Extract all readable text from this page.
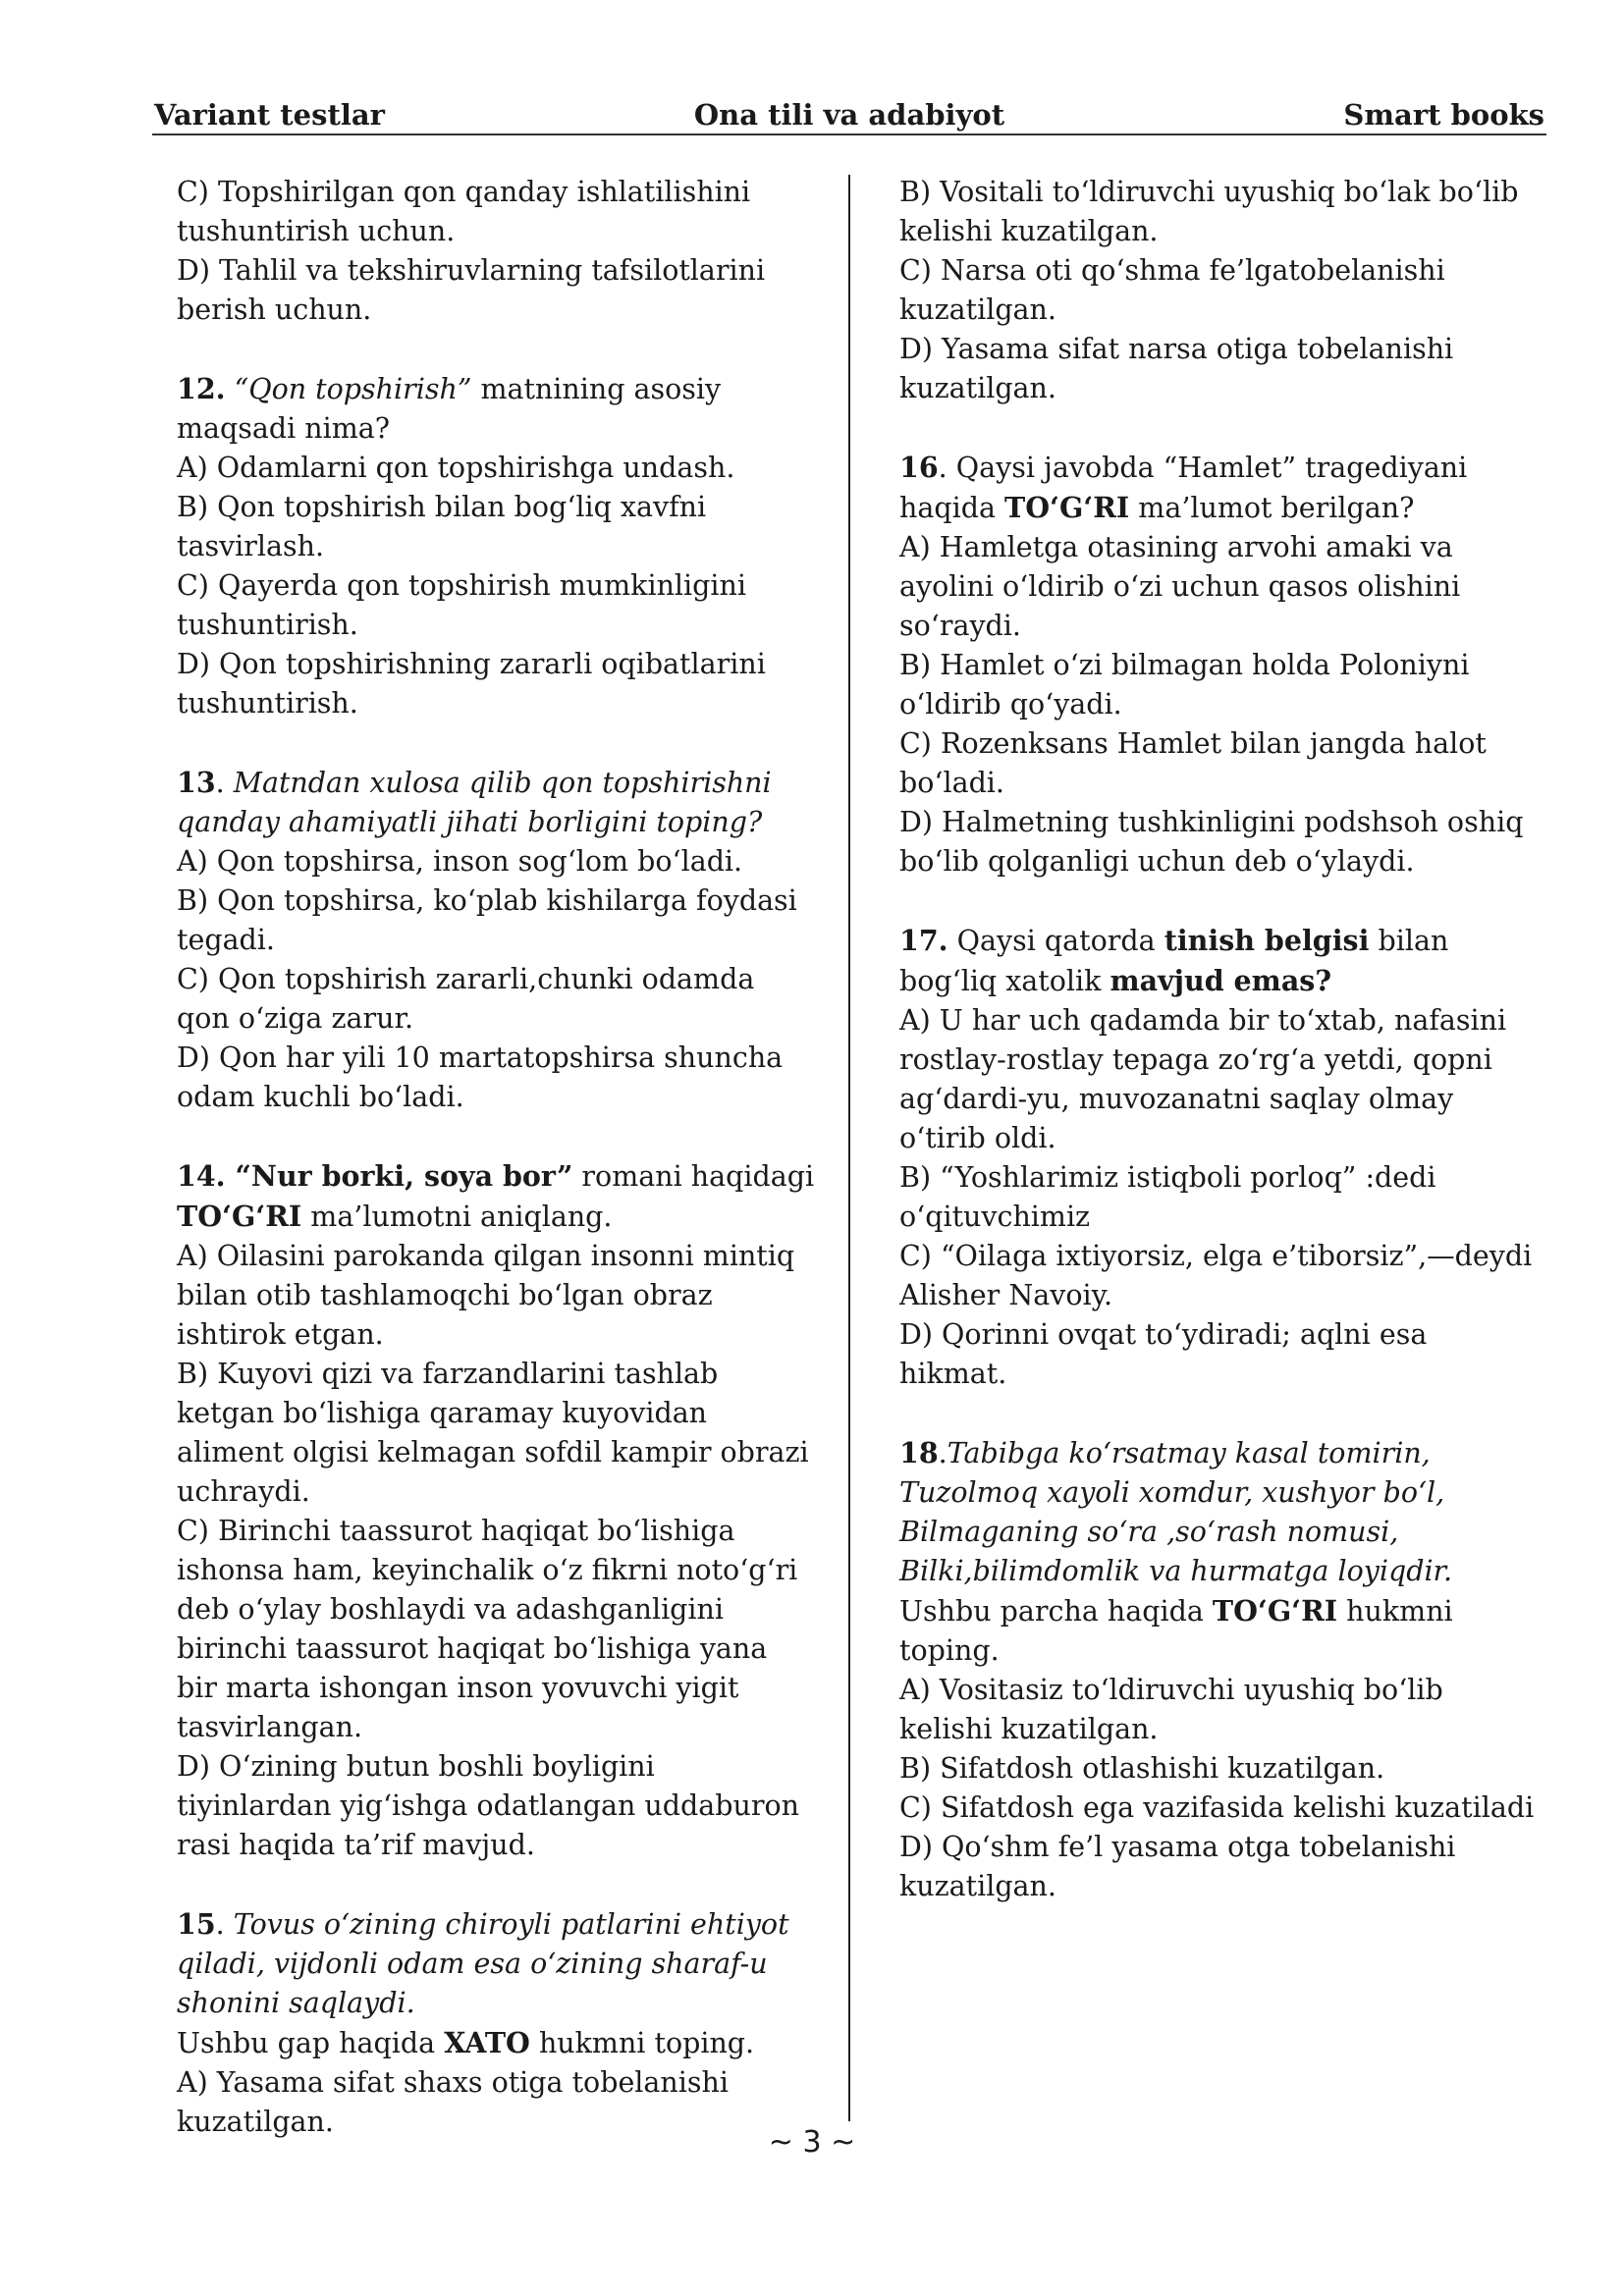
Ona tili va adabiyot
Variant testlar	Smart books

C) Topshirilgan qon qanday ishlatilishini tushuntirish uchun.

D) Tahlil va tekshiruvlarning tafsilotlarini berish uchun.

12. “Qon topshirish” matnining asosiy maqsadi nima?

A) Odamlarni qon topshirishga undash.

B) Qon topshirish bilan bog‘liq xavfni tasvirlash.

C) Qayerda qon topshirish mumkinligini tushuntirish.

D) Qon topshirishning zararli oqibatlarini tushuntirish.

13. Matndan xulosa qilib qon topshirishni qanday ahamiyatli jihati borligini toping?

A) Qon topshirsa, inson sog‘lom bo‘ladi.

B) Qon topshirsa, ko‘plab kishilarga foydasi tegadi.

C) Qon topshirish zararli,chunki odamda qon o‘ziga zarur.

D) Qon har yili 10 martatopshirsa shuncha odam kuchli bo‘ladi.

14. “Nur borki, soya bor” romani haqidagi TO‘G‘RI ma’lumotni aniqlang.

A) Oilasini parokanda qilgan insonni mintiq bilan otib tashlamoqchi bo‘lgan obraz ishtirok etgan.

B) Kuyovi qizi va farzandlarini tashlab ketgan bo‘lishiga qaramay kuyovidan aliment olgisi kelmagan sofdil kampir obrazi uchraydi.

C) Birinchi taassurot haqiqat bo‘lishiga ishonsa ham, keyinchalik o‘z fikrni noto‘g‘ri deb o‘ylay boshlaydi va adashganligini birinchi taassurot haqiqat bo‘lishiga yana bir marta ishongan inson yovuvchi yigit tasvirlangan.

D) O‘zining butun boshli boyligini tiyinlardan yig‘ishga odatlangan uddaburon rasi haqida ta’rif mavjud.

15. Tovus o‘zining chiroyli patlarini ehtiyot qiladi, vijdonli odam esa o‘zining sharaf-u shonini saqlaydi.

Ushbu gap haqida XATO hukmni toping.

A) Yasama sifat shaxs otiga tobelanishi kuzatilgan.

B) Vositali to‘ldiruvchi uyushiq bo‘lak bo‘lib kelishi kuzatilgan.

C) Narsa oti qo‘shma fe’lgatobelanishi kuzatilgan.

D) Yasama sifat narsa otiga tobelanishi kuzatilgan.

16. Qaysi javobda “Hamlet” tragediyani haqida TO‘G‘RI ma’lumot berilgan?

A) Hamletga otasining arvohi amaki va ayolini o‘ldirib o‘zi uchun qasos olishini so‘raydi.

B) Hamlet o‘zi bilmagan holda Poloniyni o‘ldirib qo‘yadi.

C) Rozenksans Hamlet bilan jangda halot bo‘ladi.

D) Halmetning tushkinligini podshsoh oshiq bo‘lib qolganligi uchun deb o‘ylaydi.

17. Qaysi qatorda tinish belgisi bilan bog‘liq xatolik mavjud emas?

A) U har uch qadamda bir to‘xtab, nafasini rostlay-rostlay tepaga zo‘rg‘a yetdi, qopni ag‘dardi-yu, muvozanatni saqlay olmay o‘tirib oldi.

B) “Yoshlarimiz istiqboli porloq” :dedi o‘qituvchimiz

C) “Oilaga ixtiyorsiz, elga e’tiborsiz”,—deydi Alisher Navoiy.

D) Qorinni ovqat to‘ydiradi; aqlni esa hikmat.

18.Tabibga ko‘rsatmay kasal tomirin,

Tuzolmoq xayoli xomdur, xushyor bo‘l,

Bilmaganing so‘ra ,so‘rash nomusi,

Bilki,bilimdomlik va hurmatga loyiqdir.

Ushbu parcha haqida TO‘G‘RI hukmni toping.

A) Vositasiz to‘ldiruvchi uyushiq bo‘lib kelishi kuzatilgan.

B) Sifatdosh otlashishi kuzatilgan.

C) Sifatdosh ega vazifasida kelishi kuzatiladi

D) Qo‘shm fe’l yasama otga tobelanishi kuzatilgan.

~ 3 ~
